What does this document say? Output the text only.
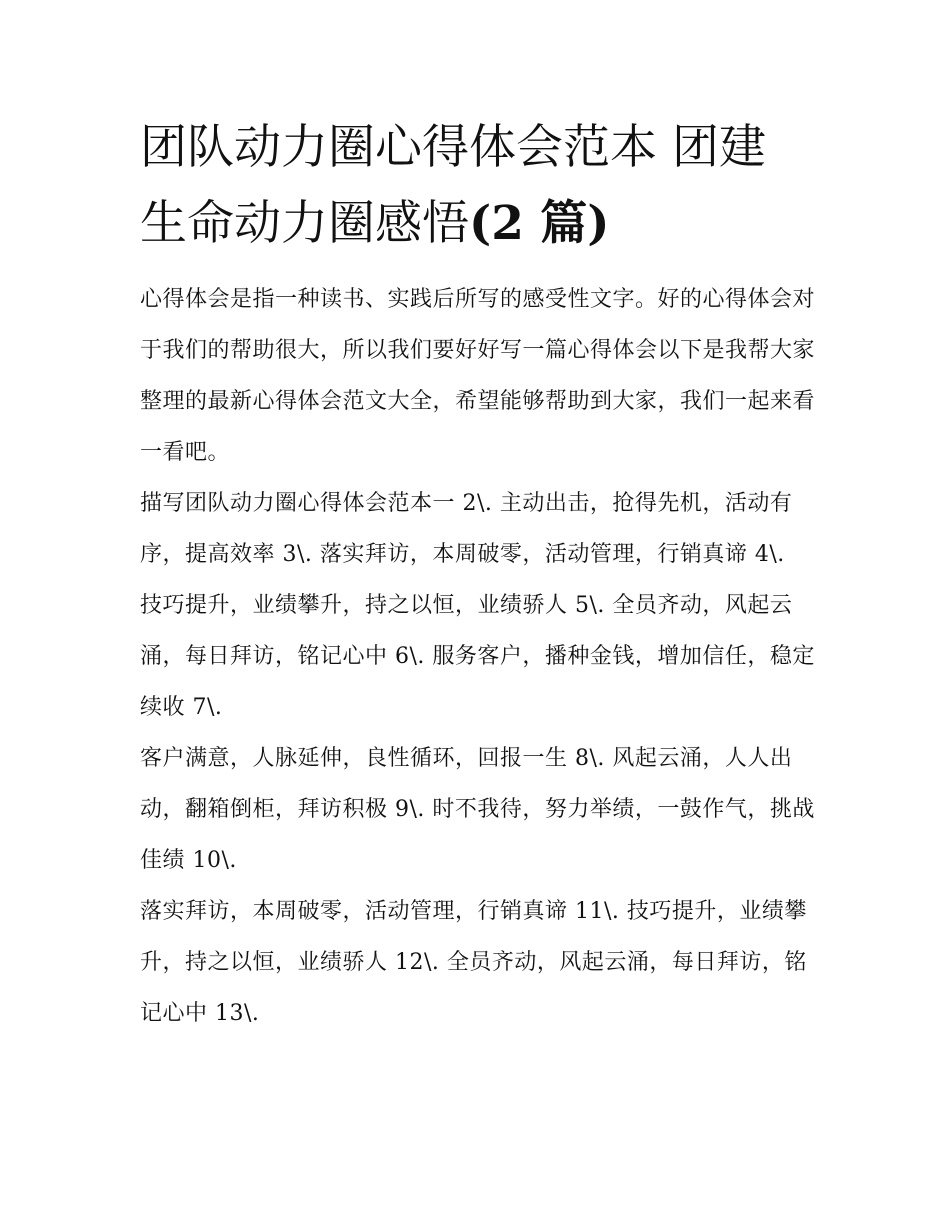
团队动力圈心得体会范本 团建
生命动力圈感悟(2 篇)

心得体会是指一种读书、实践后所写的感受性文字。好的心得体会对于我们的帮助很大，所以我们要好好写一篇心得体会以下是我帮大家整理的最新心得体会范文大全，希望能够帮助到大家，我们一起来看一看吧。

描写团队动力圈心得体会范本一 2\. 主动出击，抢得先机，活动有序，提高效率 3\. 落实拜访，本周破零，活动管理，行销真谛 4\.

技巧提升，业绩攀升，持之以恒，业绩骄人 5\. 全员齐动，风起云涌，每日拜访，铭记心中 6\. 服务客户，播种金钱，增加信任，稳定续收 7\.

客户满意，人脉延伸，良性循环，回报一生 8\. 风起云涌，人人出动，翻箱倒柜，拜访积极 9\. 时不我待，努力举绩，一鼓作气，挑战佳绩 10\.

落实拜访，本周破零，活动管理，行销真谛 11\. 技巧提升，业绩攀升，持之以恒，业绩骄人 12\. 全员齐动，风起云涌，每日拜访，铭记心中 13\.
